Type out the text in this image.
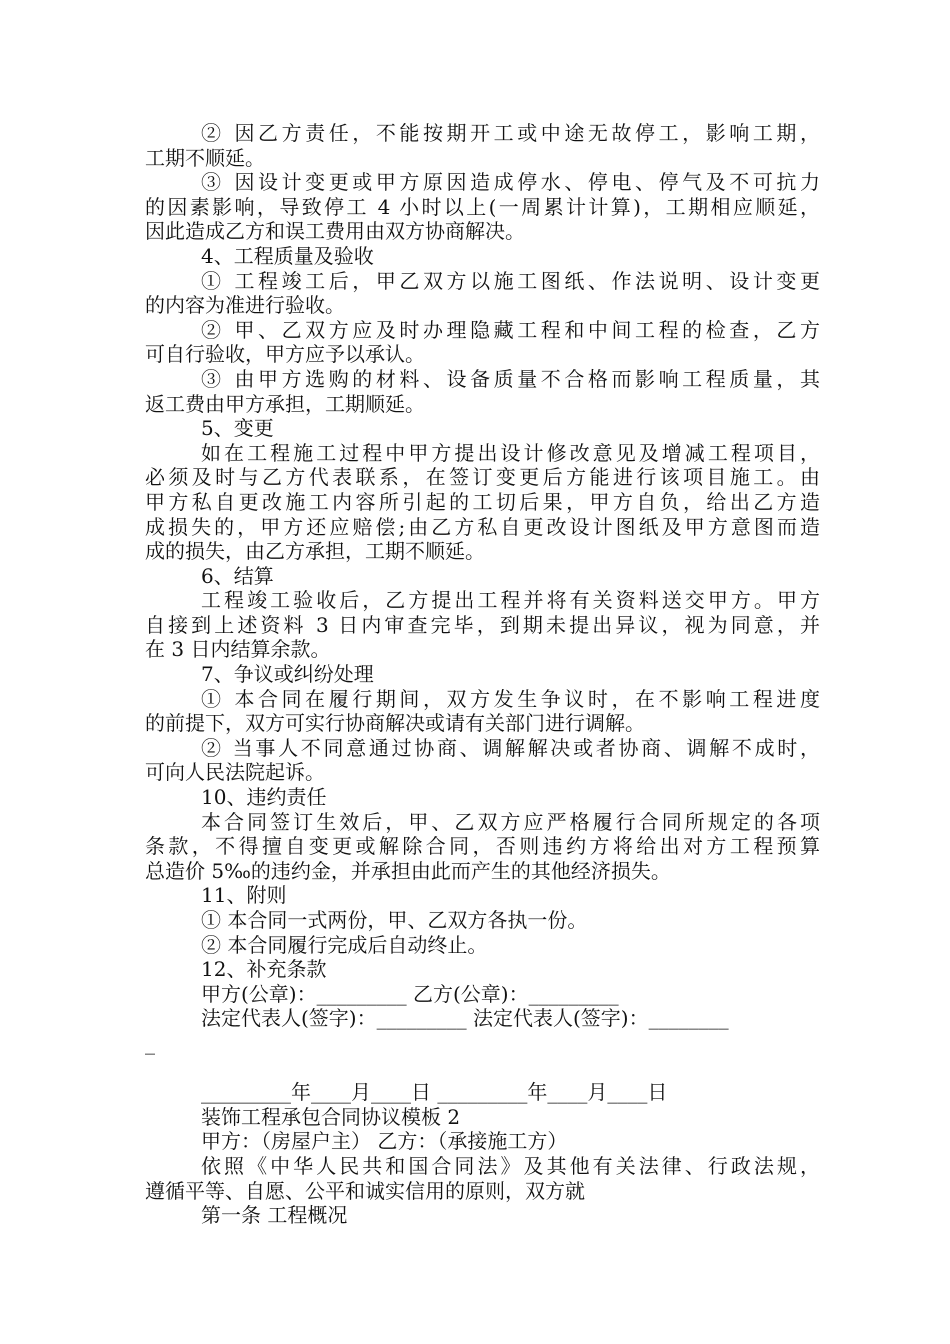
② 因乙方责任，不能按期开工或中途无故停工，影响工期，

工期不顺延。

③ 因设计变更或甲方原因造成停水、停电、停气及不可抗力

的因素影响，导致停工 4 小时以上(一周累计计算)，工期相应顺延，

因此造成乙方和误工费用由双方协商解决。

4、工程质量及验收

① 工程竣工后，甲乙双方以施工图纸、作法说明、设计变更

的内容为准进行验收。

② 甲、乙双方应及时办理隐藏工程和中间工程的检查，乙方

可自行验收，甲方应予以承认。

③ 由甲方选购的材料、设备质量不合格而影响工程质量，其

返工费由甲方承担，工期顺延。

5、变更

如在工程施工过程中甲方提出设计修改意见及增减工程项目，

必须及时与乙方代表联系，在签订变更后方能进行该项目施工。由

甲方私自更改施工内容所引起的工切后果，甲方自负，给出乙方造

成损失的，甲方还应赔偿;由乙方私自更改设计图纸及甲方意图而造

成的损失，由乙方承担，工期不顺延。

6、结算

工程竣工验收后，乙方提出工程并将有关资料送交甲方。甲方

自接到上述资料 3 日内审查完毕，到期未提出异议，视为同意，并

在 3 日内结算余款。

7、争议或纠纷处理

① 本合同在履行期间，双方发生争议时，在不影响工程进度

的前提下，双方可实行协商解决或请有关部门进行调解。

② 当事人不同意通过协商、调解解决或者协商、调解不成时，

可向人民法院起诉。

10、违约责任

本合同签订生效后，甲、乙双方应严格履行合同所规定的各项

条款，不得擅自变更或解除合同，否则违约方将给出对方工程预算

总造价 5‰的违约金，并承担由此而产生的其他经济损失。

11、附则

① 本合同一式两份，甲、乙双方各执一份。

② 本合同履行完成后自动终止。

12、补充条款

甲方(公章)：_________ 乙方(公章)：_________

法定代表人(签字)：_________ 法定代表人(签字)：________

_

_________年____月____日 _________年____月____日

装饰工程承包合同协议模板 2

甲方：（房屋户主） 乙方：（承接施工方）

依照《中华人民共和国合同法》及其他有关法律、行政法规，

遵循平等、自愿、公平和诚实信用的原则，双方就

第一条 工程概况
